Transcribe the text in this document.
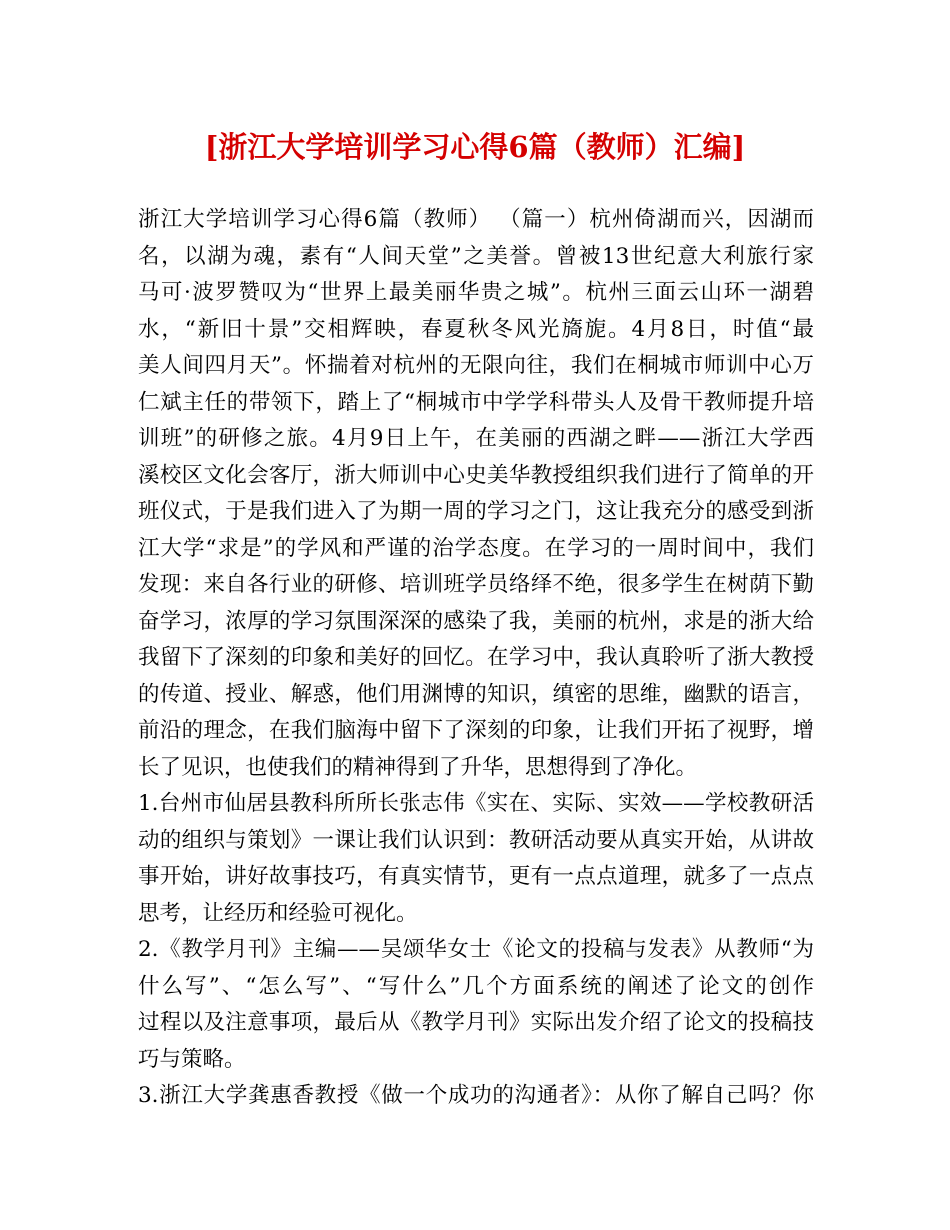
[浙江大学培训学习心得6篇（教师）汇编]
浙江大学培训学习心得6篇（教师） （篇一）杭州倚湖而兴，因湖而
名，以湖为魂，素有“人间天堂”之美誉。曾被13世纪意大利旅行家
马可·波罗赞叹为“世界上最美丽华贵之城”。杭州三面云山环一湖碧
水，“新旧十景”交相辉映，春夏秋冬风光旖旎。4月8日，时值“最
美人间四月天”。怀揣着对杭州的无限向往，我们在桐城市师训中心万
仁斌主任的带领下，踏上了“桐城市中学学科带头人及骨干教师提升培
训班”的研修之旅。4月9日上午，在美丽的西湖之畔——浙江大学西
溪校区文化会客厅，浙大师训中心史美华教授组织我们进行了简单的开
班仪式，于是我们进入了为期一周的学习之门，这让我充分的感受到浙
江大学“求是”的学风和严谨的治学态度。在学习的一周时间中，我们
发现：来自各行业的研修、培训班学员络绎不绝，很多学生在树荫下勤
奋学习，浓厚的学习氛围深深的感染了我，美丽的杭州，求是的浙大给
我留下了深刻的印象和美好的回忆。在学习中，我认真聆听了浙大教授
的传道、授业、解惑，他们用渊博的知识，缜密的思维，幽默的语言，
前沿的理念，在我们脑海中留下了深刻的印象，让我们开拓了视野，增
长了见识，也使我们的精神得到了升华，思想得到了净化。
1.台州市仙居县教科所所长张志伟《实在、实际、实效——学校教研活
动的组织与策划》一课让我们认识到：教研活动要从真实开始，从讲故
事开始，讲好故事技巧，有真实情节，更有一点点道理，就多了一点点
思考，让经历和经验可视化。
2.《教学月刊》主编——吴颂华女士《论文的投稿与发表》从教师“为
什么写”、“怎么写”、“写什么”几个方面系统的阐述了论文的创作
过程以及注意事项，最后从《教学月刊》实际出发介绍了论文的投稿技
巧与策略。
3.浙江大学龚惠香教授《做一个成功的沟通者》：从你了解自己吗？你
